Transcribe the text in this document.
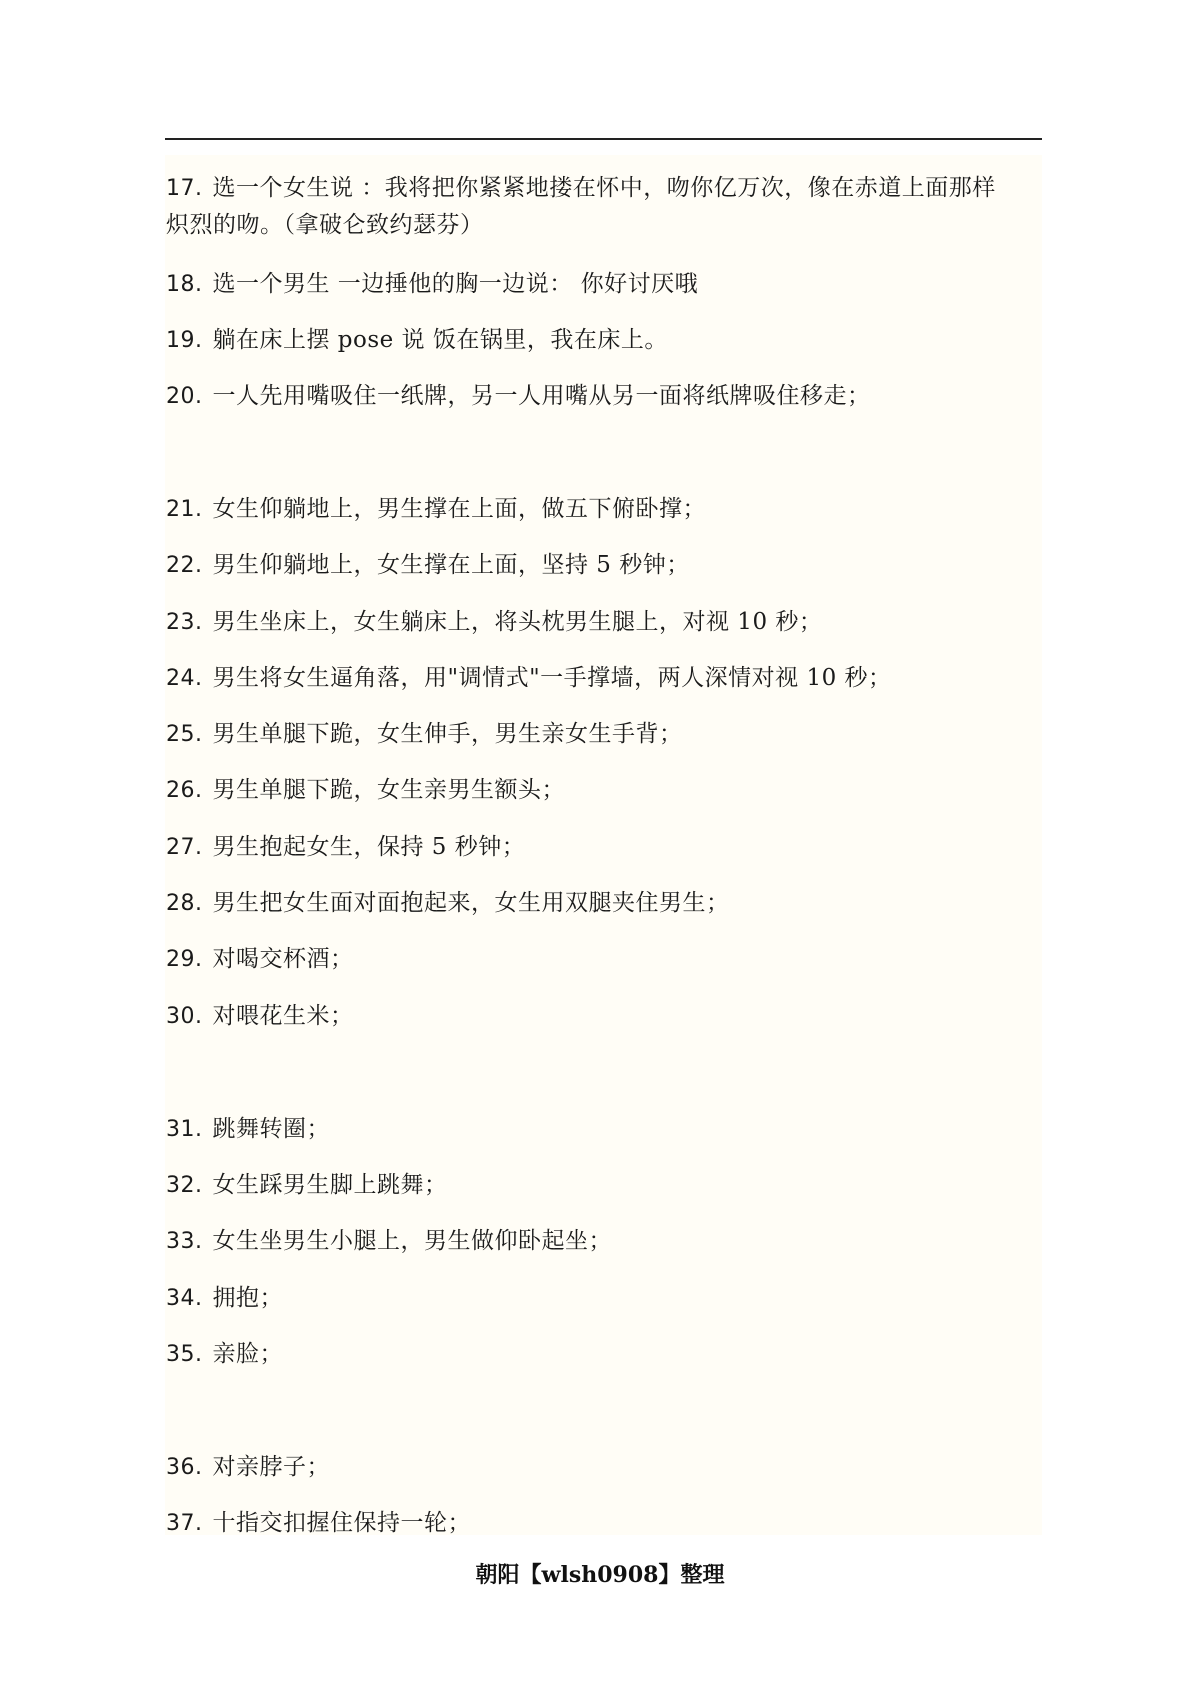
17. 选一个女生说 ：我将把你紧紧地搂在怀中，吻你亿万次，像在赤道上面那样
炽烈的吻。（拿破仑致约瑟芬）
18. 选一个男生 一边捶他的胸一边说： 你好讨厌哦
19. 躺在床上摆 pose 说 饭在锅里，我在床上。
20. 一人先用嘴吸住一纸牌，另一人用嘴从另一面将纸牌吸住移走；
21. 女生仰躺地上，男生撑在上面，做五下俯卧撑；
22. 男生仰躺地上，女生撑在上面，坚持 5 秒钟；
23. 男生坐床上，女生躺床上，将头枕男生腿上，对视 10 秒；
24. 男生将女生逼角落，用"调情式"一手撑墙，两人深情对视 10 秒；
25. 男生单腿下跪，女生伸手，男生亲女生手背；
26. 男生单腿下跪，女生亲男生额头；
27. 男生抱起女生，保持 5 秒钟；
28. 男生把女生面对面抱起来，女生用双腿夹住男生；
29. 对喝交杯酒；
30. 对喂花生米；
31. 跳舞转圈；
32. 女生踩男生脚上跳舞；
33. 女生坐男生小腿上，男生做仰卧起坐；
34. 拥抱；
35. 亲脸；
36. 对亲脖子；
37. 十指交扣握住保持一轮；
朝阳【wlsh0908】整理
